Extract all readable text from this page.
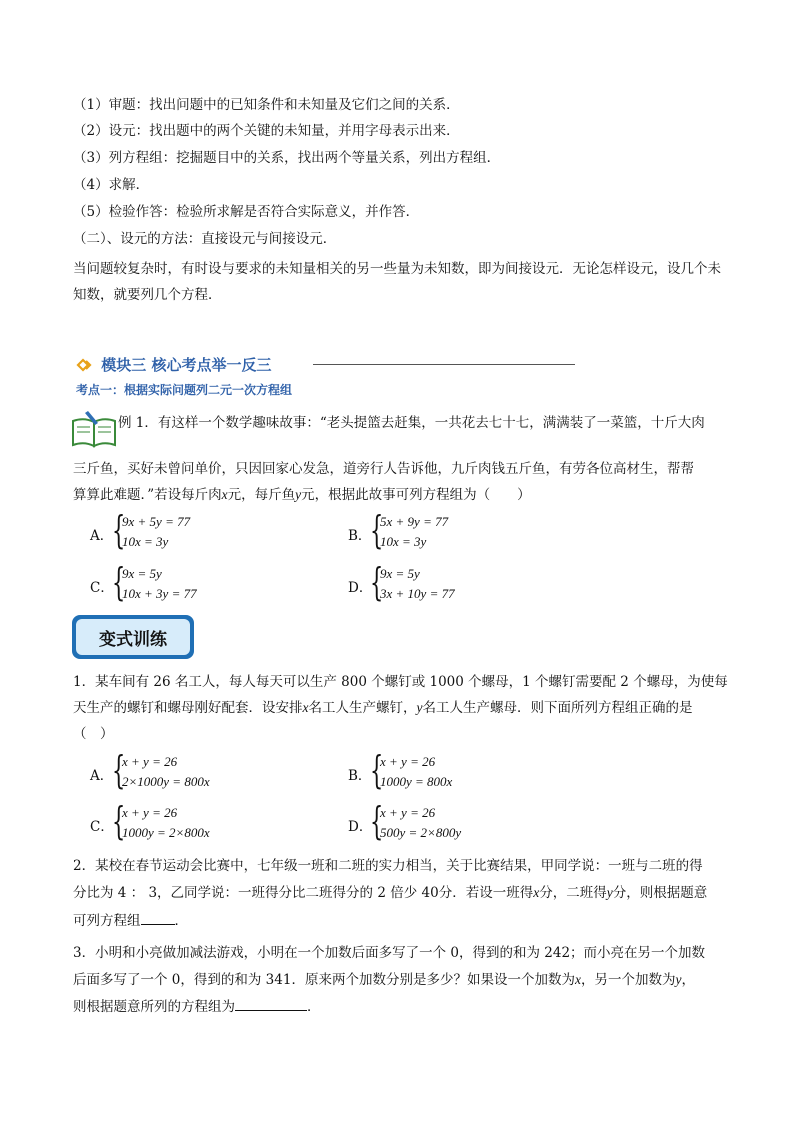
（1）审题：找出问题中的已知条件和未知量及它们之间的关系．
（2）设元：找出题中的两个关键的未知量，并用字母表示出来．
（3）列方程组：挖掘题目中的关系，找出两个等量关系，列出方程组．
（4）求解．
（5）检验作答：检验所求解是否符合实际意义，并作答．
（二）、设元的方法：直接设元与间接设元．
当问题较复杂时，有时设与要求的未知量相关的另一些量为未知数，即为间接设元．无论怎样设元，设几个未知数，就要列几个方程．
模块三 核心考点举一反三
考点一：根据实际问题列二元一次方程组
例 1．有这样一个数学趣味故事：“老头提篮去赶集，一共花去七十七，满满装了一菜篮，十斤大肉
三斤鱼，买好未曾问单价，只因回家心发急，道旁行人告诉他，九斤肉钱五斤鱼，有劳各位高材生，帮帮
算算此难题．”若设每斤肉x元，每斤鱼y元，根据此故事可列方程组为（　　）
A．
{
9x + 5y = 77
10x = 3y	B．
{
5x + 9y = 77
10x = 3y
C．
{
9x = 5y
10x + 3y = 77	D．
{
9x = 5y
3x + 10y = 77
变式训练
1．某车间有 26 名工人，每人每天可以生产 800 个螺钉或 1000 个螺母，1 个螺钉需要配 2 个螺母，为使每
天生产的螺钉和螺母刚好配套．设安排x名工人生产螺钉，y名工人生产螺母．则下面所列方程组正确的是
（　）
A．
{
x + y = 26
2×1000y = 800x	B．
{
x + y = 26
1000y = 800x
C．
{
x + y = 26
1000y = 2×800x	D．
{
x + y = 26
500y = 2×800y
2．某校在春节运动会比赛中，七年级一班和二班的实力相当，关于比赛结果，甲同学说：一班与二班的得
分比为 4 ： 3，乙同学说：一班得分比二班得分的 2 倍少 40分．若设一班得x分，二班得y分，则根据题意
可列方程组	．
3．小明和小亮做加减法游戏，小明在一个加数后面多写了一个 0，得到的和为 242；而小亮在另一个加数
后面多写了一个 0，得到的和为 341．原来两个加数分别是多少？如果设一个加数为x，另一个加数为y，
则根据题意所列的方程组为	．
